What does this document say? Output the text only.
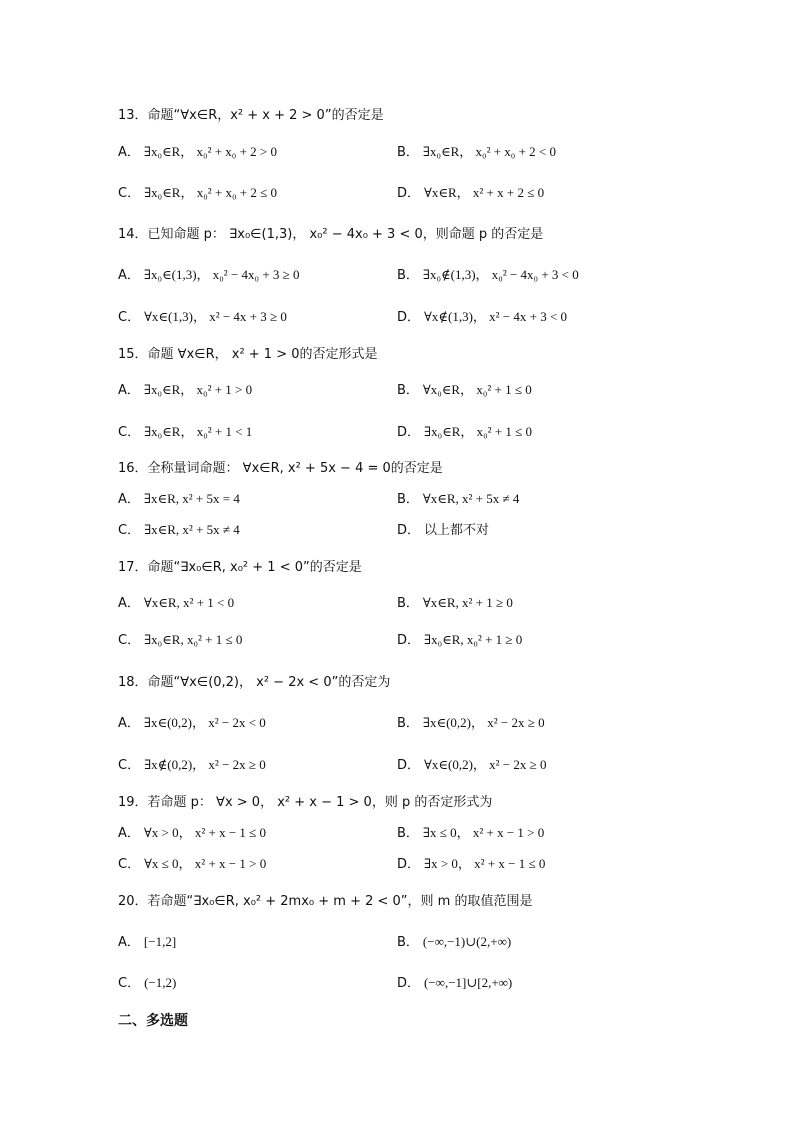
13．命题“∀x∈R，x² + x + 2 > 0”的否定是
A． ∃x₀∈R， x₀² + x₀ + 2 > 0	B． ∃x₀∈R， x₀² + x₀ + 2 < 0
C． ∃x₀∈R， x₀² + x₀ + 2 ≤ 0	D． ∀x∈R， x² + x + 2 ≤ 0
14．已知命题 p： ∃x₀∈(1,3)， x₀² − 4x₀ + 3 < 0，则命题 p 的否定是
A． ∃x₀∈(1,3)， x₀² − 4x₀ + 3 ≥ 0	B． ∃x₀∉(1,3)， x₀² − 4x₀ + 3 < 0
C． ∀x∈(1,3)， x² − 4x + 3 ≥ 0	D． ∀x∉(1,3)， x² − 4x + 3 < 0
15．命题 ∀x∈R， x² + 1 > 0的否定形式是
A． ∃x₀∈R， x₀² + 1 > 0	B． ∀x₀∈R， x₀² + 1 ≤ 0
C． ∃x₀∈R， x₀² + 1 < 1	D． ∃x₀∈R， x₀² + 1 ≤ 0
16．全称量词命题： ∀x∈R, x² + 5x − 4 = 0的否定是
A． ∃x∈R, x² + 5x = 4	B． ∀x∈R, x² + 5x ≠ 4
C． ∃x∈R, x² + 5x ≠ 4	D． 以上都不对
17．命题“∃x₀∈R, x₀² + 1 < 0”的否定是
A． ∀x∈R, x² + 1 < 0	B． ∀x∈R, x² + 1 ≥ 0
C． ∃x₀∈R, x₀² + 1 ≤ 0	D． ∃x₀∈R, x₀² + 1 ≥ 0
18．命题“∀x∈(0,2)， x² − 2x < 0”的否定为
A． ∃x∈(0,2)， x² − 2x < 0	B． ∃x∈(0,2)， x² − 2x ≥ 0
C． ∃x∉(0,2)， x² − 2x ≥ 0	D． ∀x∈(0,2)， x² − 2x ≥ 0
19．若命题 p： ∀x > 0， x² + x − 1 > 0，则 p 的否定形式为
A． ∀x > 0， x² + x − 1 ≤ 0	B． ∃x ≤ 0， x² + x − 1 > 0
C． ∀x ≤ 0， x² + x − 1 > 0	D． ∃x > 0， x² + x − 1 ≤ 0
20．若命题“∃x₀∈R, x₀² + 2mx₀ + m + 2 < 0”，则 m 的取值范围是
A． [−1,2]	B． (−∞,−1)∪(2,+∞)
C． (−1,2)	D． (−∞,−1]∪[2,+∞)
二、多选题
